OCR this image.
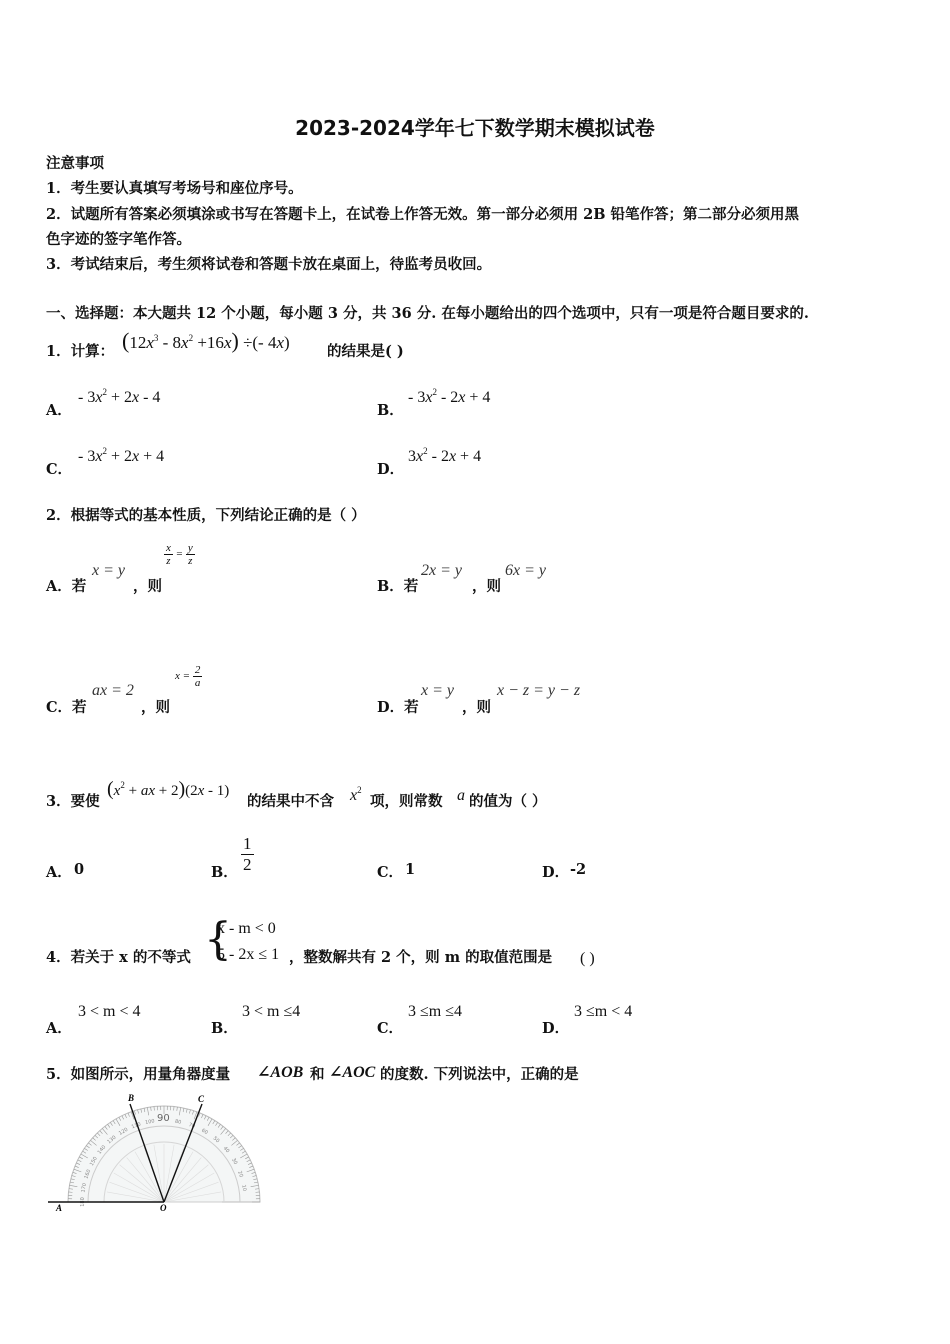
2023-2024学年七下数学期末模拟试卷
注意事项
1．考生要认真填写考场号和座位序号。
2．试题所有答案必须填涂或书写在答题卡上，在试卷上作答无效。第一部分必须用 2B 铅笔作答；第二部分必须用黑
色字迹的签字笔作答。
3．考试结束后，考生须将试卷和答题卡放在桌面上，待监考员收回。
一、选择题：本大题共 12 个小题，每小题 3 分，共 36 分. 在每小题给出的四个选项中，只有一项是符合题目要求的.
1．计算： $(12x^3 - 8x^2 +16x)$ ÷(- 4x)	的结果是( )
A．
- $3x^2 + 2x - 4$
B．
- $3x^2 - 2x + 4$
C．
- $3x^2 + 2x + 4$
D．
$3x^2 - 2x + 4$
2．根据等式的基本性质，下列结论正确的是（ ）
A．若
x = y
，则
$\frac{x}{z} = \frac{y}{z}$
B．若
2x = y
，则
6x = y
C．若
ax = 2
，则
$x = \frac{2}{a}$
D．若
x = y
，则
x − z = y − z
3．要使
($x^2$ + ax + 2)(2x - 1)
的结果中不含 $x^2$
项，则常数 a 的值为（ ）
A． 0	B． $\frac{1}{2}$	C． 1	D． -2
4．若关于 x 的不等式 {
x - m < 0
5 - 2x ≤ 1 ，整数解共有 2 个，则 m 的取值范围是 ( )
A．
3 < m < 4
B．
3 < m ≤4
C．
3 ≤m ≤4
D．
3 ≤m < 4
5．如图所示，用量角器度量 ∠AOB 和 ∠AOC 的度数. 下列说法中，正确的是
10
20
30
40
50
60
70
80
100
110
120
130
140
150
160
170
180
A	O
B	C
90
